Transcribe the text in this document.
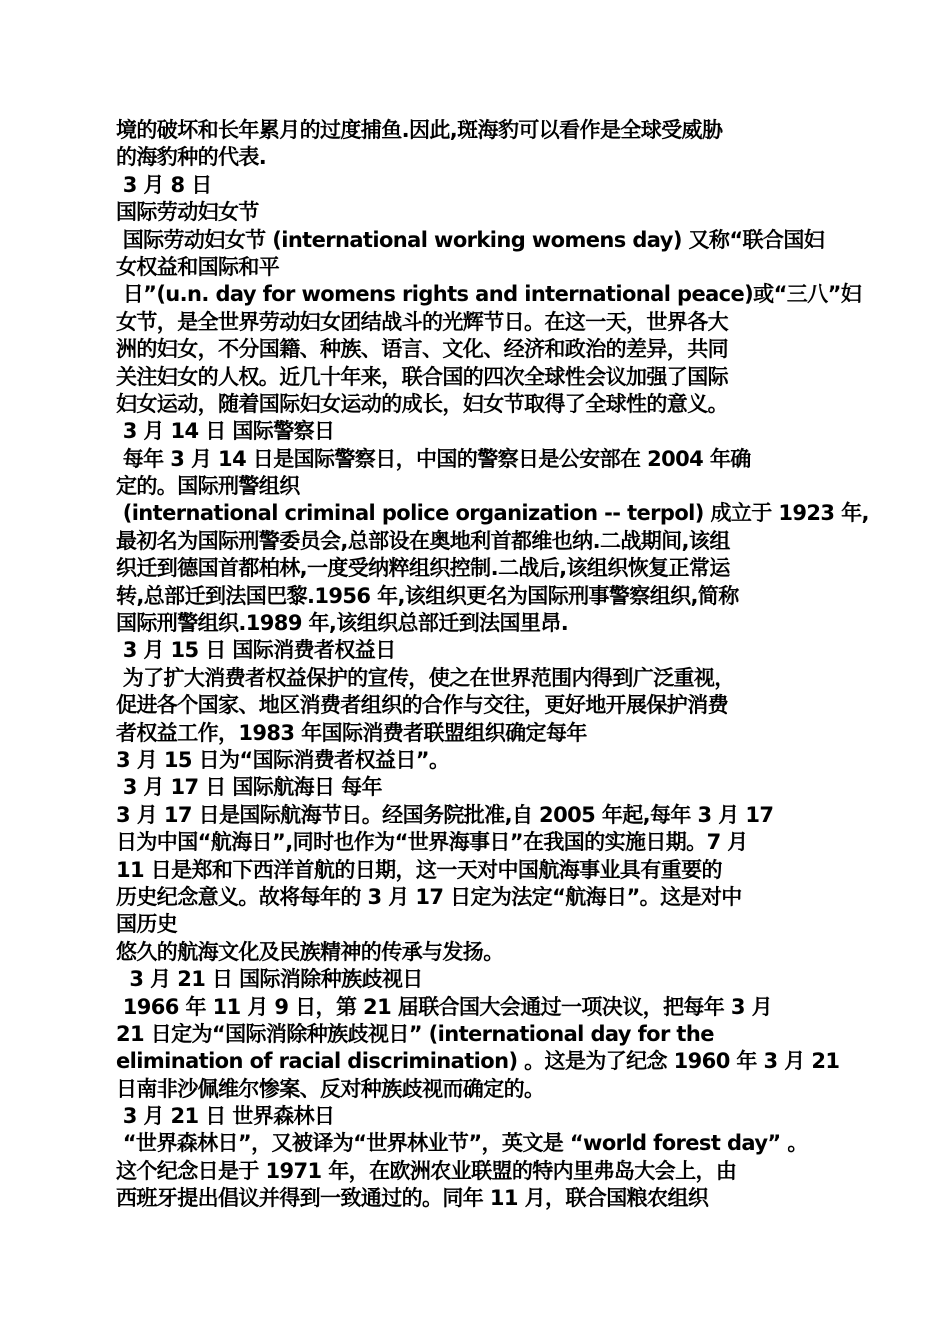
境的破坏和长年累月的过度捕鱼.因此,斑海豹可以看作是全球受威胁
的海豹种的代表.
3 月 8 日
国际劳动妇女节
国际劳动妇女节 (international working womens day) 又称“联合国妇
女权益和国际和平
日”(u.n. day for womens rights and international peace)或“三八”妇
女节，是全世界劳动妇女团结战斗的光辉节日。在这一天，世界各大
洲的妇女，不分国籍、种族、语言、文化、经济和政治的差异，共同
关注妇女的人权。近几十年来，联合国的四次全球性会议加强了国际
妇女运动，随着国际妇女运动的成长，妇女节取得了全球性的意义。
3 月 14 日 国际警察日
每年 3 月 14 日是国际警察日，中国的警察日是公安部在 2004 年确
定的。国际刑警组织
(international criminal police organization -- terpol) 成立于 1923 年,
最初名为国际刑警委员会,总部设在奥地利首都维也纳.二战期间,该组
织迁到德国首都柏林,一度受纳粹组织控制.二战后,该组织恢复正常运
转,总部迁到法国巴黎.1956 年,该组织更名为国际刑事警察组织,简称
国际刑警组织.1989 年,该组织总部迁到法国里昂.
3 月 15 日 国际消费者权益日
为了扩大消费者权益保护的宣传，使之在世界范围内得到广泛重视，
促进各个国家、地区消费者组织的合作与交往，更好地开展保护消费
者权益工作，1983 年国际消费者联盟组织确定每年
3 月 15 日为“国际消费者权益日”。
3 月 17 日 国际航海日 每年
3 月 17 日是国际航海节日。经国务院批准,自 2005 年起,每年 3 月 17
日为中国“航海日”,同时也作为“世界海事日”在我国的实施日期。7 月
11 日是郑和下西洋首航的日期，这一天对中国航海事业具有重要的
历史纪念意义。故将每年的 3 月 17 日定为法定“航海日”。这是对中
国历史
悠久的航海文化及民族精神的传承与发扬。
3 月 21 日 国际消除种族歧视日
1966 年 11 月 9 日，第 21 届联合国大会通过一项决议，把每年 3 月
21 日定为“国际消除种族歧视日” (international day for the
elimination of racial discrimination) 。这是为了纪念 1960 年 3 月 21
日南非沙佩维尔惨案、反对种族歧视而确定的。
3 月 21 日 世界森林日
“世界森林日”，又被译为“世界林业节”，英文是 “world forest day” 。
这个纪念日是于 1971 年，在欧洲农业联盟的特内里弗岛大会上，由
西班牙提出倡议并得到一致通过的。同年 11 月，联合国粮农组织
